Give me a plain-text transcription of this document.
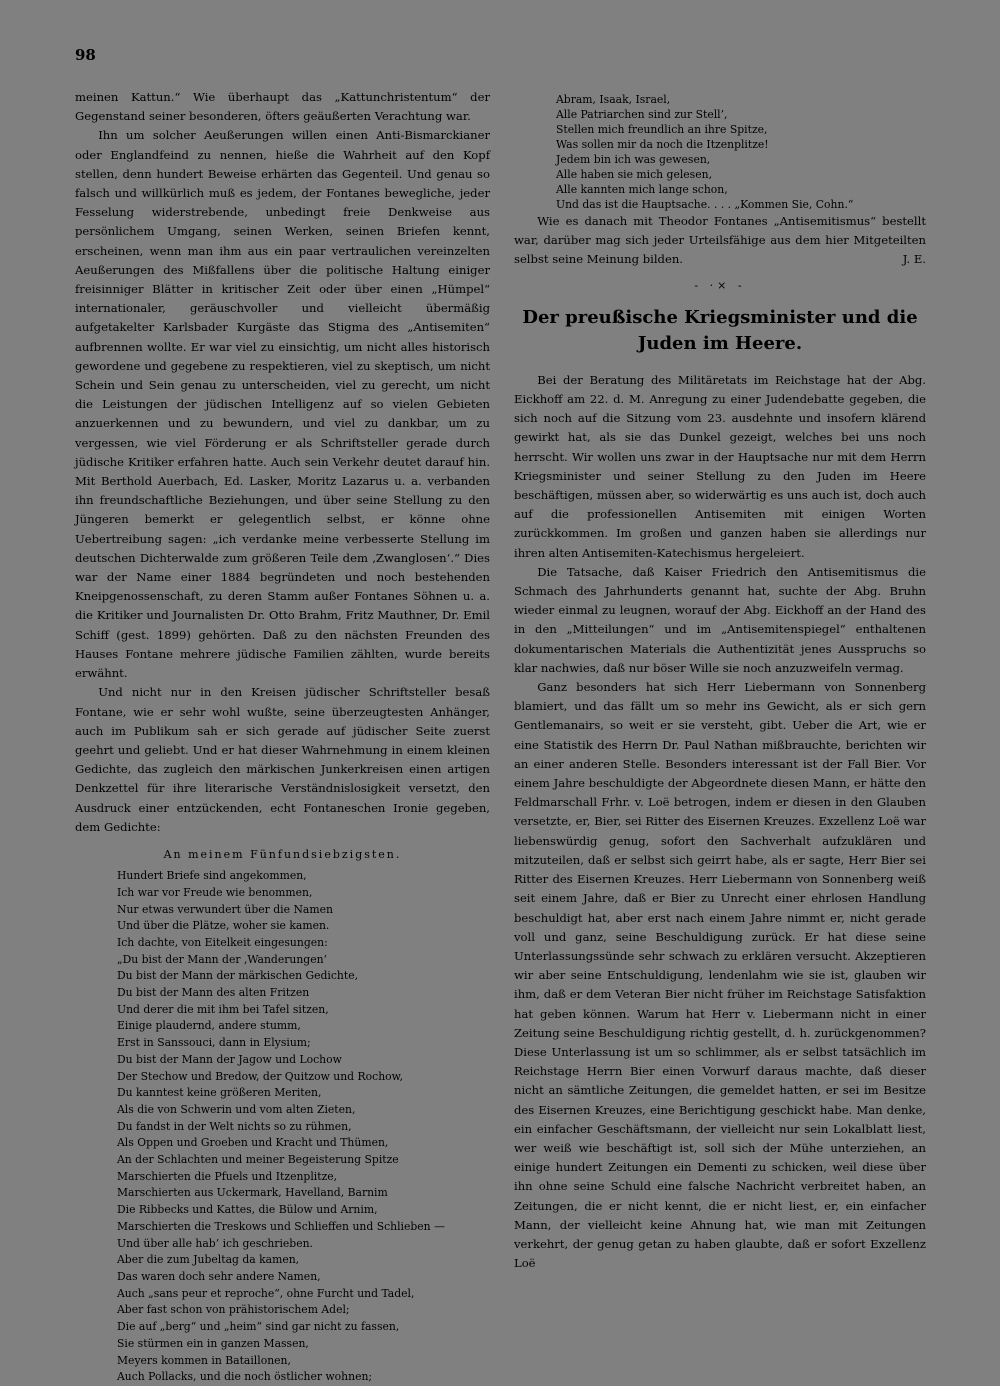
98

meinen Kattun.“ Wie überhaupt das „Kattunchristentum“ der Gegenstand seiner besonderen, öfters geäußerten Verachtung war.

Ihn um solcher Aeußerungen willen einen Anti-Bismarckianer oder Englandfeind zu nennen, hieße die Wahrheit auf den Kopf stellen, denn hundert Beweise erhärten das Gegenteil. Und genau so falsch und willkürlich muß es jedem, der Fontanes bewegliche, jeder Fesselung widerstrebende, unbedingt freie Denkweise aus persönlichem Umgang, seinen Werken, seinen Briefen kennt, erscheinen, wenn man ihm aus ein paar vertraulichen vereinzelten Aeußerungen des Mißfallens über die politische Haltung einiger freisinniger Blätter in kritischer Zeit oder über einen „Hümpel“ internationaler, geräuschvoller und vielleicht übermäßig aufgetakelter Karlsbader Kurgäste das Stigma des „Antisemiten“ aufbrennen wollte. Er war viel zu einsichtig, um nicht alles historisch gewordene und gegebene zu respektieren, viel zu skeptisch, um nicht Schein und Sein genau zu unterscheiden, viel zu gerecht, um nicht die Leistungen der jüdischen Intelligenz auf so vielen Gebieten anzuerkennen und zu bewundern, und viel zu dankbar, um zu vergessen, wie viel Förderung er als Schriftsteller gerade durch jüdische Kritiker erfahren hatte. Auch sein Verkehr deutet darauf hin. Mit Berthold Auerbach, Ed. Lasker, Moritz Lazarus u. a. verbanden ihn freundschaftliche Beziehungen, und über seine Stellung zu den Jüngeren bemerkt er gelegentlich selbst, er könne ohne Uebertreibung sagen: „ich verdanke meine verbesserte Stellung im deutschen Dichterwalde zum größeren Teile dem ‚Zwanglosen‘.“ Dies war der Name einer 1884 begründeten und noch bestehenden Kneipgenossenschaft, zu deren Stamm außer Fontanes Söhnen u. a. die Kritiker und Journalisten Dr. Otto Brahm, Fritz Mauthner, Dr. Emil Schiff (gest. 1899) gehörten. Daß zu den nächsten Freunden des Hauses Fontane mehrere jüdische Familien zählten, wurde bereits erwähnt.

Und nicht nur in den Kreisen jüdischer Schriftsteller besaß Fontane, wie er sehr wohl wußte, seine überzeugtesten Anhänger, auch im Publikum sah er sich gerade auf jüdischer Seite zuerst geehrt und geliebt. Und er hat dieser Wahrnehmung in einem kleinen Gedichte, das zugleich den märkischen Junkerkreisen einen artigen Denkzettel für ihre literarische Verständnislosigkeit versetzt, den Ausdruck einer entzückenden, echt Fontaneschen Ironie gegeben, dem Gedichte:

An meinem Fünfundsiebzigsten.
Hundert Briefe sind angekommen,
Ich war vor Freude wie benommen,
Nur etwas verwundert über die Namen
Und über die Plätze, woher sie kamen.
Ich dachte, von Eitelkeit eingesungen:
„Du bist der Mann der ‚Wanderungen‘
Du bist der Mann der märkischen Gedichte,
Du bist der Mann des alten Fritzen
Und derer die mit ihm bei Tafel sitzen,
Einige plaudernd, andere stumm,
Erst in Sanssouci, dann in Elysium;
Du bist der Mann der Jagow und Lochow
Der Stechow und Bredow, der Quitzow und Rochow,
Du kanntest keine größeren Meriten,
Als die von Schwerin und vom alten Zieten,
Du fandst in der Welt nichts so zu rühmen,
Als Oppen und Groeben und Kracht und Thümen,
An der Schlachten und meiner Begeisterung Spitze
Marschierten die Pfuels und Itzenplitze,
Marschierten aus Uckermark, Havelland, Barnim
Die Ribbecks und Kattes, die Bülow und Arnim,
Marschierten die Treskows und Schlieffen und Schlieben —
Und über alle hab’ ich geschrieben.
Aber die zum Jubeltag da kamen,
Das waren doch sehr andere Namen,
Auch „sans peur et reproche“, ohne Furcht und Tadel,
Aber fast schon von prähistorischem Adel;
Die auf „berg“ und „heim“ sind gar nicht zu fassen,
Sie stürmen ein in ganzen Massen,
Meyers kommen in Bataillonen,
Auch Pollacks, und die noch östlicher wohnen;
Abram, Isaak, Israel,
Alle Patriarchen sind zur Stell’,
Stellen mich freundlich an ihre Spitze,
Was sollen mir da noch die Itzenplitze!
Jedem bin ich was gewesen,
Alle haben sie mich gelesen,
Alle kannten mich lange schon,
Und das ist die Hauptsache. . . . „Kommen Sie, Cohn.“

Wie es danach mit Theodor Fontanes „Antisemitismus“ bestellt war, darüber mag sich jeder Urteilsfähige aus dem hier Mitgeteilten selbst seine Meinung bilden.	J. E.

- ·× -
Der preußische Kriegsminister und die Juden im Heere.

Bei der Beratung des Militäretats im Reichstage hat der Abg. Eickhoff am 22. d. M. Anregung zu einer Judendebatte gegeben, die sich noch auf die Sitzung vom 23. ausdehnte und insofern klärend gewirkt hat, als sie das Dunkel gezeigt, welches bei uns noch herrscht. Wir wollen uns zwar in der Hauptsache nur mit dem Herrn Kriegsminister und seiner Stellung zu den Juden im Heere beschäftigen, müssen aber, so widerwärtig es uns auch ist, doch auch auf die professionellen Antisemiten mit einigen Worten zurückkommen. Im großen und ganzen haben sie allerdings nur ihren alten Antisemiten-Katechismus hergeleiert.

Die Tatsache, daß Kaiser Friedrich den Antisemitismus die Schmach des Jahrhunderts genannt hat, suchte der Abg. Bruhn wieder einmal zu leugnen, worauf der Abg. Eickhoff an der Hand des in den „Mitteilungen“ und im „Antisemitenspiegel“ enthaltenen dokumentarischen Materials die Authentizität jenes Ausspruchs so klar nachwies, daß nur böser Wille sie noch anzuzweifeln vermag.

Ganz besonders hat sich Herr Liebermann von Sonnenberg blamiert, und das fällt um so mehr ins Gewicht, als er sich gern Gentlemanairs, so weit er sie versteht, gibt. Ueber die Art, wie er eine Statistik des Herrn Dr. Paul Nathan mißbrauchte, berichten wir an einer anderen Stelle. Besonders interessant ist der Fall Bier. Vor einem Jahre beschuldigte der Abgeordnete diesen Mann, er hätte den Feldmarschall Frhr. v. Loë betrogen, indem er diesen in den Glauben versetzte, er, Bier, sei Ritter des Eisernen Kreuzes. Exzellenz Loë war liebenswürdig genug, sofort den Sachverhalt aufzuklären und mitzuteilen, daß er selbst sich geirrt habe, als er sagte, Herr Bier sei Ritter des Eisernen Kreuzes. Herr Liebermann von Sonnenberg weiß seit einem Jahre, daß er Bier zu Unrecht einer ehrlosen Handlung beschuldigt hat, aber erst nach einem Jahre nimmt er, nicht gerade voll und ganz, seine Beschuldigung zurück. Er hat diese seine Unterlassungssünde sehr schwach zu erklären versucht. Akzeptieren wir aber seine Entschuldigung, lendenlahm wie sie ist, glauben wir ihm, daß er dem Veteran Bier nicht früher im Reichstage Satisfaktion hat geben können. Warum hat Herr v. Liebermann nicht in einer Zeitung seine Beschuldigung richtig gestellt, d. h. zurückgenommen? Diese Unterlassung ist um so schlimmer, als er selbst tatsächlich im Reichstage Herrn Bier einen Vorwurf daraus machte, daß dieser nicht an sämtliche Zeitungen, die gemeldet hatten, er sei im Besitze des Eisernen Kreuzes, eine Berichtigung geschickt habe. Man denke, ein einfacher Geschäftsmann, der vielleicht nur sein Lokalblatt liest, wer weiß wie beschäftigt ist, soll sich der Mühe unterziehen, an einige hundert Zeitungen ein Dementi zu schicken, weil diese über ihn ohne seine Schuld eine falsche Nachricht verbreitet haben, an Zeitungen, die er nicht kennt, die er nicht liest, er, ein einfacher Mann, der vielleicht keine Ahnung hat, wie man mit Zeitungen verkehrt, der genug getan zu haben glaubte, daß er sofort Exzellenz Loë
